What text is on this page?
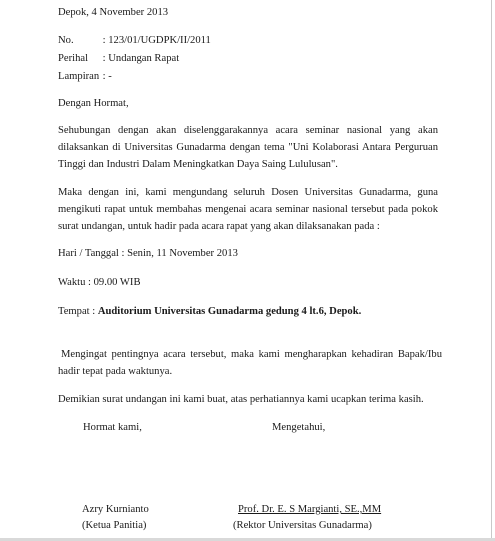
Depok, 4 November 2013
No.	: 123/01/UGDPK/II/2011
Perihal : Undangan Rapat
Lampiran : -
Dengan Hormat,
Sehubungan dengan akan diselenggarakannya acara seminar nasional yang akan dilaksankan di Universitas Gunadarma dengan tema "Uni Kolaborasi Antara Perguruan Tinggi dan Industri Dalam Meningkatkan Daya Saing Lululusan".
Maka dengan ini, kami mengundang seluruh Dosen Universitas Gunadarma, guna mengikuti rapat untuk membahas mengenai acara seminar nasional tersebut pada pokok surat undangan, untuk hadir pada acara rapat yang akan dilaksanakan pada :
Hari / Tanggal : Senin, 11 November 2013
Waktu : 09.00 WIB
Tempat : Auditorium Universitas Gunadarma gedung 4 lt.6, Depok.
Mengingat pentingnya acara tersebut, maka kami mengharapkan kehadiran Bapak/Ibu hadir tepat pada waktunya.
Demikian surat undangan ini kami buat, atas perhatiannya kami ucapkan terima kasih.
Hormat kami,	Mengetahui,
Azry Kurnianto
(Ketua Panitia)
Prof. Dr. E. S Margianti, SE.,MM
(Rektor Universitas Gunadarma)
